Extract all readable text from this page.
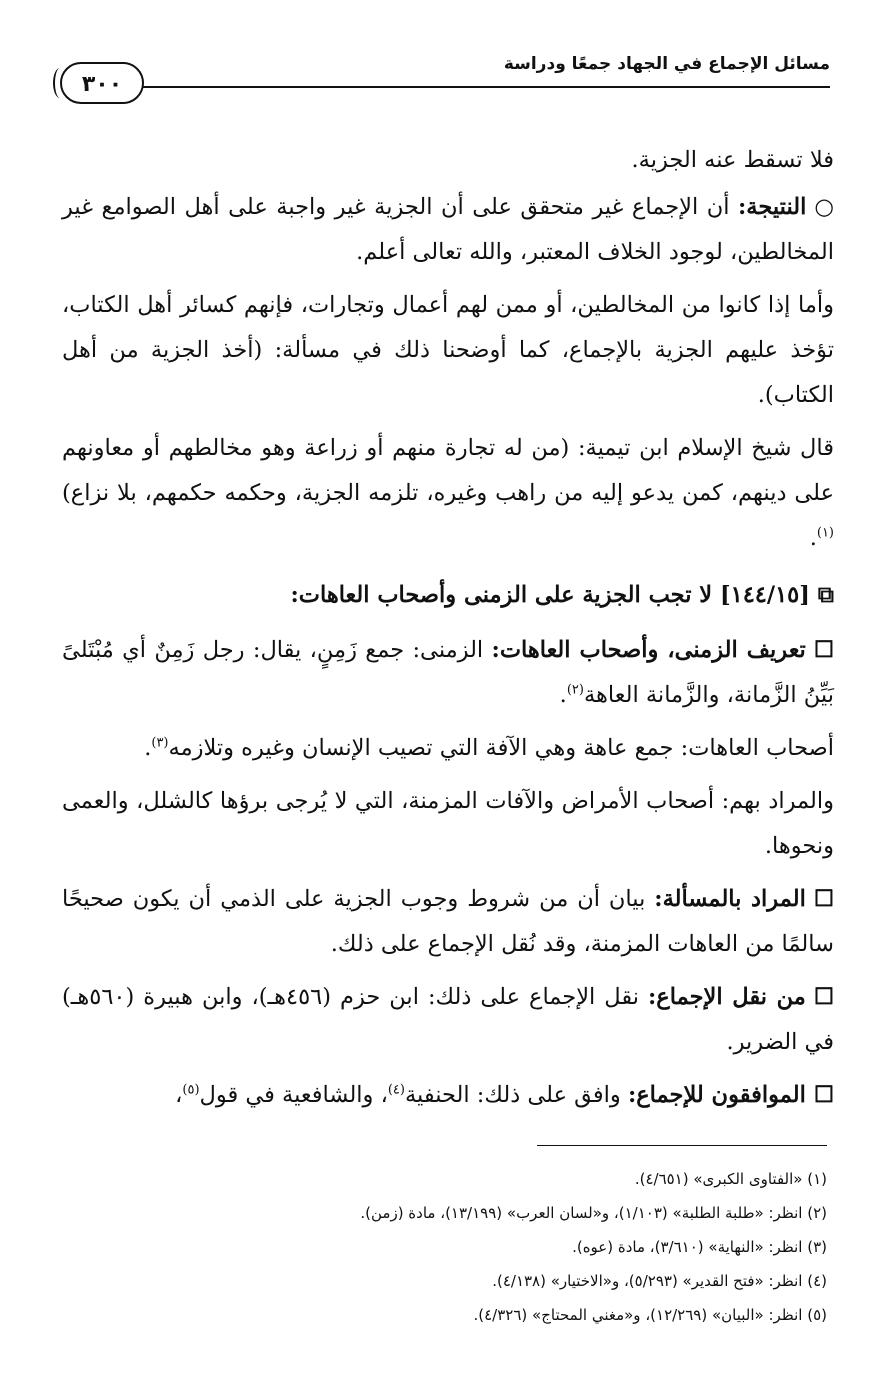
مسائل الإجماع في الجهاد جمعًا ودراسة
٣٠٠

فلا تسقط عنه الجزية.

○النتيجة: أن الإجماع غير متحقق على أن الجزية غير واجبة على أهل الصوامع غير المخالطين، لوجود الخلاف المعتبر، والله تعالى أعلم.

وأما إذا كانوا من المخالطين، أو ممن لهم أعمال وتجارات، فإنهم كسائر أهل الكتاب، تؤخذ عليهم الجزية بالإجماع، كما أوضحنا ذلك في مسألة: (أخذ الجزية من أهل الكتاب).

قال شيخ الإسلام ابن تيمية: (من له تجارة منهم أو زراعة وهو مخالطهم أو معاونهم على دينهم، كمن يدعو إليه من راهب وغيره، تلزمه الجزية، وحكمه حكمهم، بلا نزاع)$^{(١)}$.

⧉[١٤٤/١٥] لا تجب الجزية على الزمنى وأصحاب العاهات:

☐تعريف الزمنى، وأصحاب العاهات: الزمنى: جمع زَمِنٍ، يقال: رجل زَمِنٌ أي مُبْتَلىً بَيِّنُ الزَّمانة، والزَّمانة العاهة$^{(٢)}$.

أصحاب العاهات: جمع عاهة وهي الآفة التي تصيب الإنسان وغيره وتلازمه$^{(٣)}$.

والمراد بهم: أصحاب الأمراض والآفات المزمنة، التي لا يُرجى برؤها كالشلل، والعمى ونحوها.

☐المراد بالمسألة: بيان أن من شروط وجوب الجزية على الذمي أن يكون صحيحًا سالمًا من العاهات المزمنة، وقد نُقل الإجماع على ذلك.

☐من نقل الإجماع: نقل الإجماع على ذلك: ابن حزم (٤٥٦هـ)، وابن هبيرة (٥٦٠هـ) في الضرير.

☐الموافقون للإجماع: وافق على ذلك: الحنفية$^{(٤)}$، والشافعية في قول$^{(٥)}$،

(١) «الفتاوى الكبرى» (٤/٦٥١).
(٢) انظر: «طلبة الطلبة» (١/١٠٣)، و«لسان العرب» (١٣/١٩٩)، مادة (زمن).
(٣) انظر: «النهاية» (٣/٦١٠)، مادة (عوه).
(٤) انظر: «فتح القدير» (٥/٢٩٣)، و«الاختيار» (٤/١٣٨).
(٥) انظر: «البيان» (١٢/٢٦٩)، و«مغني المحتاج» (٤/٣٢٦).
